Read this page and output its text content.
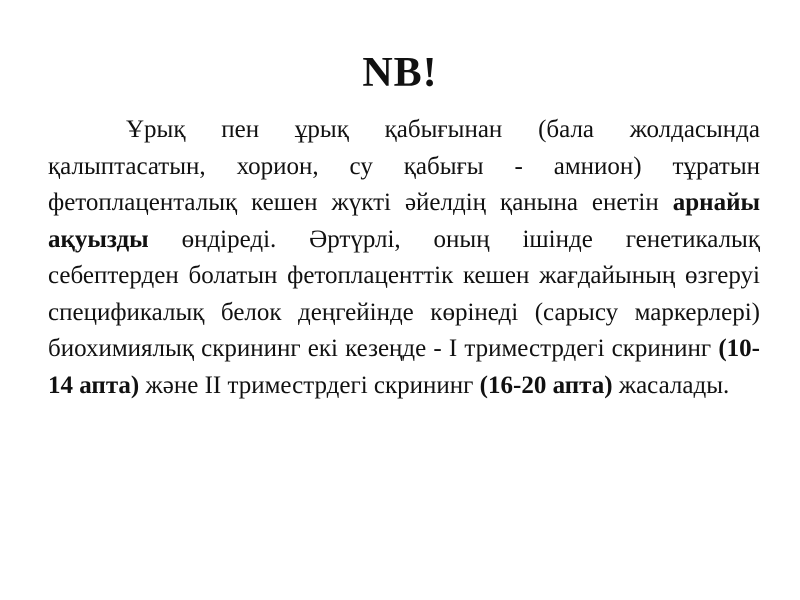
NB!

Ұрық пен ұрық қабығынан (бала жолдасында қалыптасатын, хорион, су қабығы - амнион) тұратын фетоплаценталық кешен жүкті әйелдің қанына енетін арнайы ақуызды өндіреді. Әртүрлі, оның ішінде генетикалық себептерден болатын фетоплаценттік кешен жағдайының өзгеруі спецификалық белок деңгейінде көрінеді (сарысу маркерлері) биохимиялық скрининг екі кезеңде - I триместрдегі скрининг (10-14 апта) және II триместрдегі скрининг (16-20 апта) жасалады.
